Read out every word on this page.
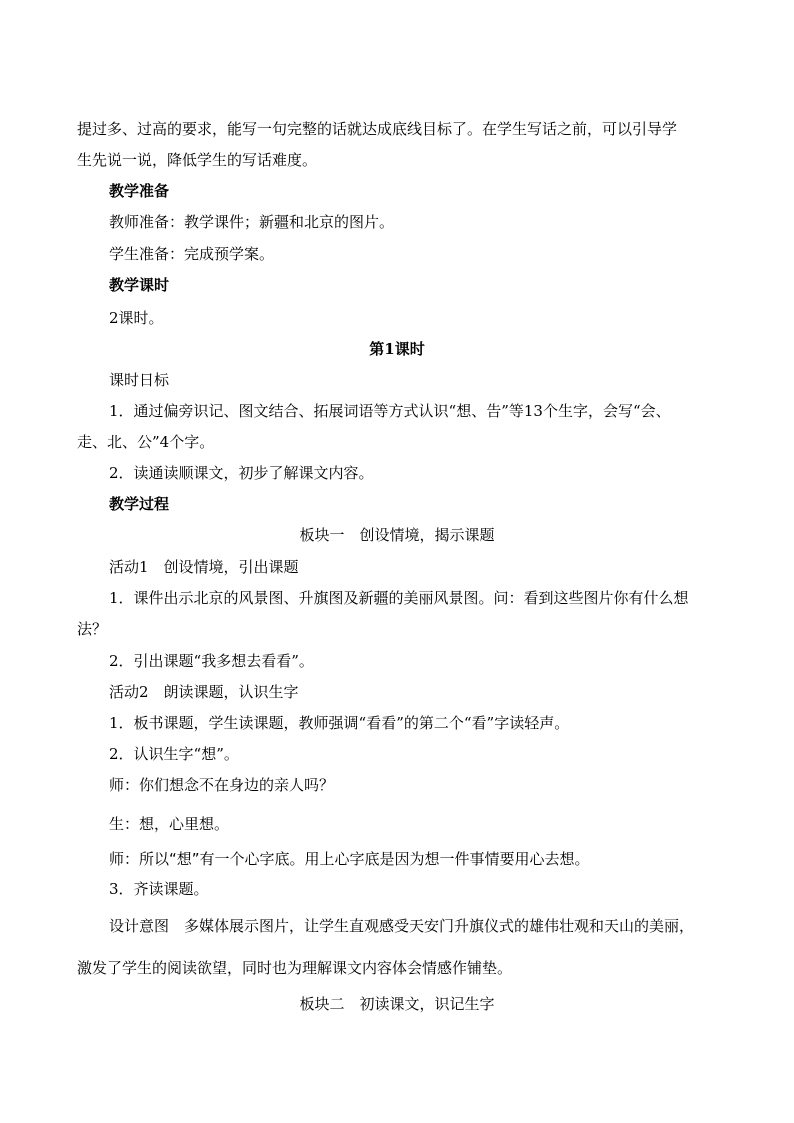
提过多、过高的要求，能写一句完整的话就达成底线目标了。在学生写话之前，可以引导学
生先说一说，降低学生的写话难度。
教学准备
教师准备：教学课件；新疆和北京的图片。
学生准备：完成预学案。
教学课时
2课时。
第1课时
课时日标
1．通过偏旁识记、图文结合、拓展词语等方式认识“想、告”等13个生字，会写“会、
走、北、公”4个字。
2．读通读顺课文，初步了解课文内容。
教学过程
板块一　创设情境，揭示课题
活动1　创设情境，引出课题
1．课件出示北京的风景图、升旗图及新疆的美丽风景图。问：看到这些图片你有什么想
法？
2．引出课题“我多想去看看”。
活动2　朗读课题，认识生字
1．板书课题，学生读课题，教师强调“看看”的第二个“看”字读轻声。
2．认识生字“想”。
师：你们想念不在身边的亲人吗？
生：想，心里想。
师：所以“想”有一个心字底。用上心字底是因为想一件事情要用心去想。
3．齐读课题。
设计意图　多媒体展示图片，让学生直观感受天安门升旗仪式的雄伟壮观和天山的美丽，
激发了学生的阅读欲望，同时也为理解课文内容体会情感作铺垫。
板块二　初读课文，识记生字
